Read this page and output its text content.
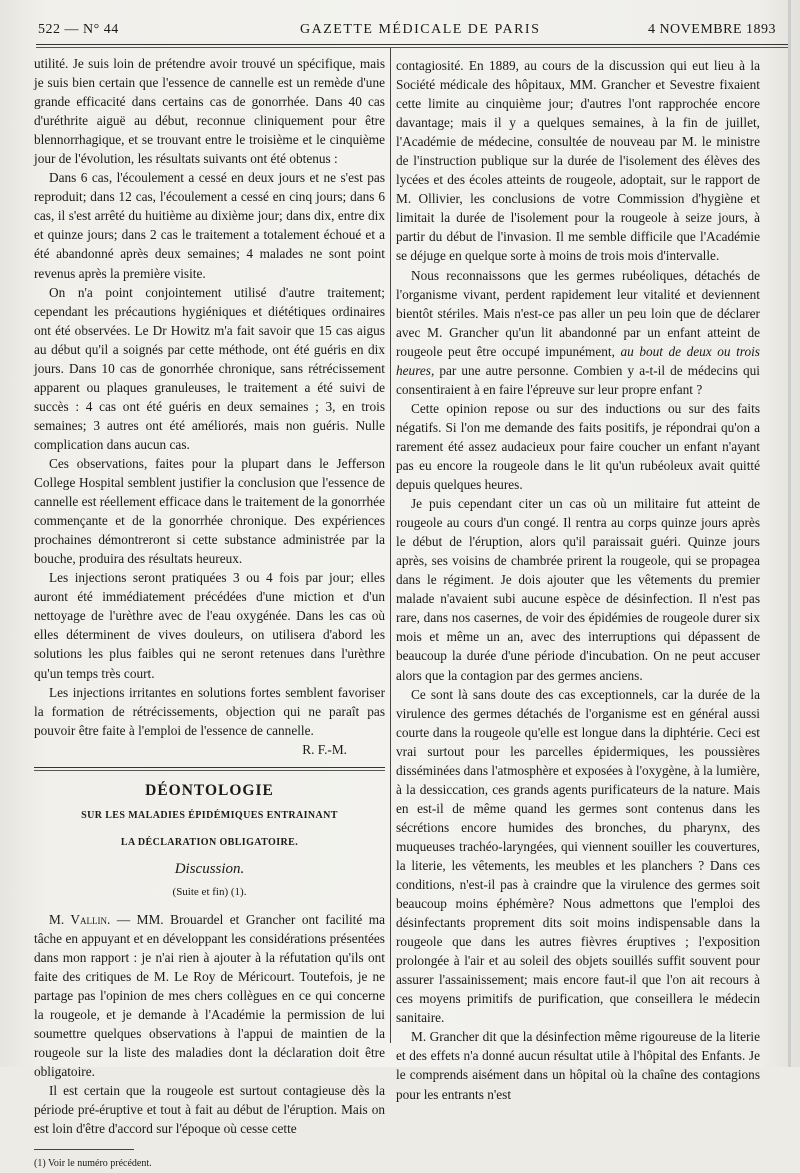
522 — N° 44	GAZETTE MÉDICALE DE PARIS	4 NOVEMBRE 1893

utilité. Je suis loin de prétendre avoir trouvé un spécifique, mais je suis bien certain que l'essence de cannelle est un remède d'une grande efficacité dans certains cas de gonorrhée. Dans 40 cas d'uréthrite aiguë au début, reconnue cliniquement pour être blennorrhagique, et se trouvant entre le troisième et le cinquième jour de l'évolution, les résultats suivants ont été obtenus :

Dans 6 cas, l'écoulement a cessé en deux jours et ne s'est pas reproduit; dans 12 cas, l'écoulement a cessé en cinq jours; dans 6 cas, il s'est arrêté du huitième au dixième jour; dans dix, entre dix et quinze jours; dans 2 cas le traitement a totalement échoué et a été abandonné après deux semaines; 4 malades ne sont point revenus après la première visite.

On n'a point conjointement utilisé d'autre traitement; cependant les précautions hygiéniques et diététiques ordinaires ont été observées. Le Dr Howitz m'a fait savoir que 15 cas aigus au début qu'il a soignés par cette méthode, ont été guéris en dix jours. Dans 10 cas de gonorrhée chronique, sans rétrécissement apparent ou plaques granuleuses, le traitement a été suivi de succès : 4 cas ont été guéris en deux semaines ; 3, en trois semaines; 3 autres ont été améliorés, mais non guéris. Nulle complication dans aucun cas.

Ces observations, faites pour la plupart dans le Jefferson College Hospital semblent justifier la conclusion que l'essence de cannelle est réellement efficace dans le traitement de la gonorrhée commençante et de la gonorrhée chronique. Des expériences prochaines démontreront si cette substance administrée par la bouche, produira des résultats heureux.

Les injections seront pratiquées 3 ou 4 fois par jour; elles auront été immédiatement précédées d'une miction et d'un nettoyage de l'urèthre avec de l'eau oxygénée. Dans les cas où elles déterminent de vives douleurs, on utilisera d'abord les solutions les plus faibles qui ne seront retenues dans l'urèthre qu'un temps très court.

Les injections irritantes en solutions fortes semblent favoriser la formation de rétrécissements, objection qui ne paraît pas pouvoir être faite à l'emploi de l'essence de cannelle.

R. F.-M.

DÉONTOLOGIE
SUR LES MALADIES ÉPIDÉMIQUES ENTRAINANT
LA DÉCLARATION OBLIGATOIRE.
Discussion.
(Suite et fin) (1).

M. Vallin. — MM. Brouardel et Grancher ont facilité ma tâche en appuyant et en développant les considérations présentées dans mon rapport : je n'ai rien à ajouter à la réfutation qu'ils ont faite des critiques de M. Le Roy de Méricourt. Toutefois, je ne partage pas l'opinion de mes chers collègues en ce qui concerne la rougeole, et je demande à l'Académie la permission de lui soumettre quelques observations à l'appui de maintien de la rougeole sur la liste des maladies dont la déclaration doit être obligatoire.

Il est certain que la rougeole est surtout contagieuse dès la période pré-éruptive et tout à fait au début de l'éruption. Mais on est loin d'être d'accord sur l'époque où cesse cette

(1) Voir le numéro précédent.

contagiosité. En 1889, au cours de la discussion qui eut lieu à la Société médicale des hôpitaux, MM. Grancher et Sevestre fixaient cette limite au cinquième jour; d'autres l'ont rapprochée encore davantage; mais il y a quelques semaines, à la fin de juillet, l'Académie de médecine, consultée de nouveau par M. le ministre de l'instruction publique sur la durée de l'isolement des élèves des lycées et des écoles atteints de rougeole, adoptait, sur le rapport de M. Ollivier, les conclusions de votre Commission d'hygiène et limitait la durée de l'isolement pour la rougeole à seize jours, à partir du début de l'invasion. Il me semble difficile que l'Académie se déjuge en quelque sorte à moins de trois mois d'intervalle.

Nous reconnaissons que les germes rubéoliques, détachés de l'organisme vivant, perdent rapidement leur vitalité et deviennent bientôt stériles. Mais n'est-ce pas aller un peu loin que de déclarer avec M. Grancher qu'un lit abandonné par un enfant atteint de rougeole peut être occupé impunément, au bout de deux ou trois heures, par une autre personne. Combien y a-t-il de médecins qui consentiraient à en faire l'épreuve sur leur propre enfant ?

Cette opinion repose ou sur des inductions ou sur des faits négatifs. Si l'on me demande des faits positifs, je répondrai qu'on a rarement été assez audacieux pour faire coucher un enfant n'ayant pas eu encore la rougeole dans le lit qu'un rubéoleux avait quitté depuis quelques heures.

Je puis cependant citer un cas où un militaire fut atteint de rougeole au cours d'un congé. Il rentra au corps quinze jours après le début de l'éruption, alors qu'il paraissait guéri. Quinze jours après, ses voisins de chambrée prirent la rougeole, qui se propagea dans le régiment. Je dois ajouter que les vêtements du premier malade n'avaient subi aucune espèce de désinfection. Il n'est pas rare, dans nos casernes, de voir des épidémies de rougeole durer six mois et même un an, avec des interruptions qui dépassent de beaucoup la durée d'une période d'incubation. On ne peut accuser alors que la contagion par des germes anciens.

Ce sont là sans doute des cas exceptionnels, car la durée de la virulence des germes détachés de l'organisme est en général aussi courte dans la rougeole qu'elle est longue dans la diphtérie. Ceci est vrai surtout pour les parcelles épidermiques, les poussières disséminées dans l'atmosphère et exposées à l'oxygène, à la lumière, à la dessiccation, ces grands agents purificateurs de la nature. Mais en est-il de même quand les germes sont contenus dans les sécrétions encore humides des bronches, du pharynx, des muqueuses trachéo-laryngées, qui viennent souiller les couvertures, la literie, les vêtements, les meubles et les planchers ? Dans ces conditions, n'est-il pas à craindre que la virulence des germes soit beaucoup moins éphémère? Nous admettons que l'emploi des désinfectants proprement dits soit moins indispensable dans la rougeole que dans les autres fièvres éruptives ; l'exposition prolongée à l'air et au soleil des objets souillés suffit souvent pour assurer l'assainissement; mais encore faut-il que l'on ait recours à ces moyens primitifs de purification, que conseillera le médecin sanitaire.

M. Grancher dit que la désinfection même rigoureuse de la literie et des effets n'a donné aucun résultat utile à l'hôpital des Enfants. Je le comprends aisément dans un hôpital où la chaîne des contagions pour les entrants n'est
